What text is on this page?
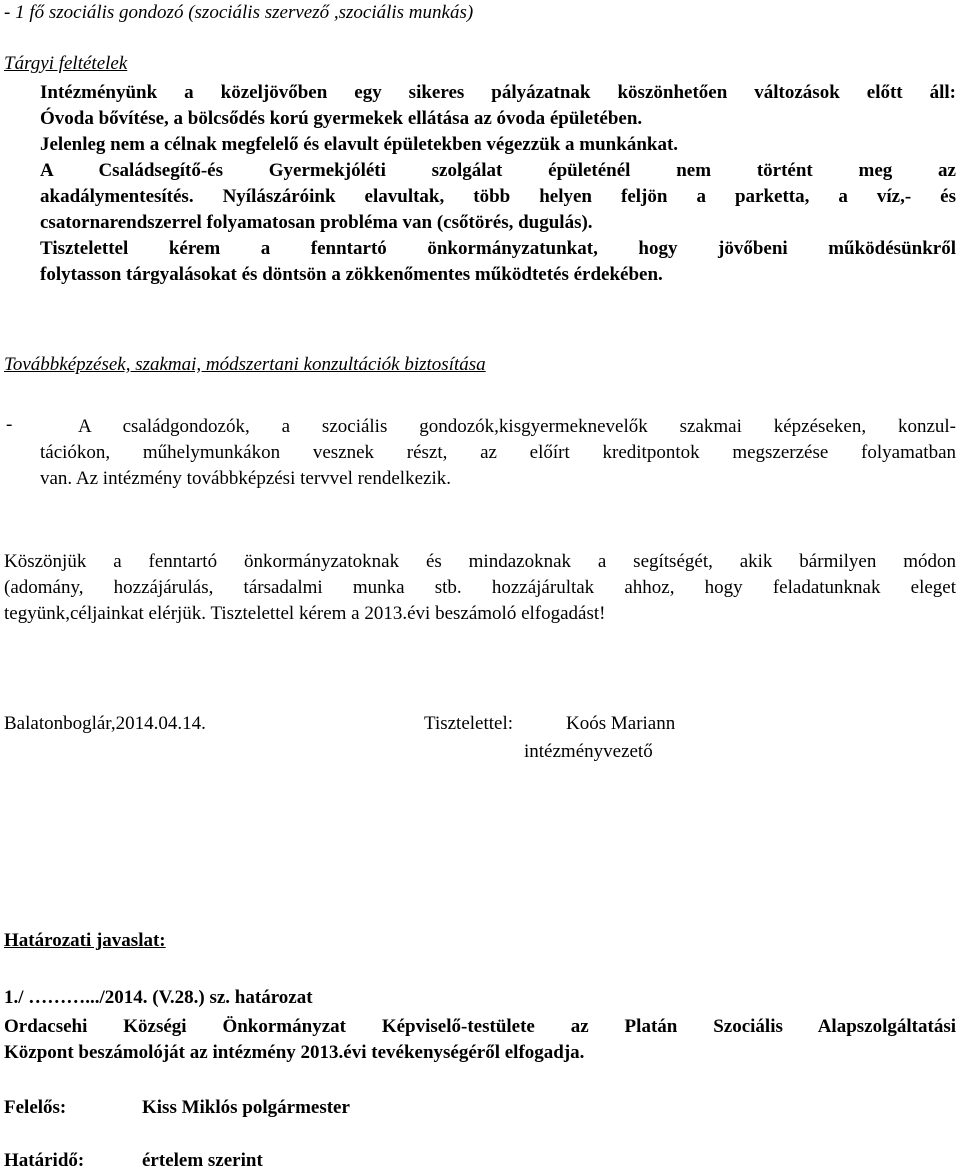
- 1 fő szociális gondozó (szociális szervező ,szociális munkás)
Tárgyi feltételek
Intézményünk a közeljövőben egy sikeres pályázatnak köszönhetően változások előtt áll:
Óvoda bővítése, a bölcsődés korú gyermekek ellátása az óvoda épületében.
Jelenleg nem a célnak megfelelő és elavult épületekben végezzük a munkánkat.
A Családsegítő-és Gyermekjóléti szolgálat épületénél nem történt meg az
akadálymentesítés. Nyílászáróink elavultak, több helyen feljön a parketta, a víz,- és
csatornarendszerrel folyamatosan probléma van (csőtörés, dugulás).
Tisztelettel kérem a fenntartó önkormányzatunkat, hogy jövőbeni működésünkről
folytasson tárgyalásokat és döntsön a zökkenőmentes működtetés érdekében.
Továbbképzések, szakmai, módszertani konzultációk biztosítása
-	A családgondozók, a szociális gondozók,kisgyermeknevelők szakmai képzéseken, konzul-
tációkon, műhelymunkákon vesznek részt, az előírt kreditpontok megszerzése folyamatban
van. Az intézmény továbbképzési tervvel rendelkezik.
Köszönjük a fenntartó önkormányzatoknak és mindazoknak a segítségét, akik bármilyen módon
(adomány, hozzájárulás, társadalmi munka stb. hozzájárultak ahhoz, hogy feladatunknak eleget
tegyünk,céljainkat elérjük. Tisztelettel kérem a 2013.évi beszámoló elfogadást!
Balatonboglár,2014.04.14.	Tisztelettel:	Koós Mariann
intézményvezető
Határozati javaslat:
1./ ……….../2014. (V.28.) sz. határozat
Ordacsehi Községi Önkormányzat Képviselő-testülete az Platán Szociális Alapszolgáltatási
Központ beszámolóját az intézmény 2013.évi tevékenységéről elfogadja.
Felelős:	Kiss Miklós polgármester
Határidő:	értelem szerint
